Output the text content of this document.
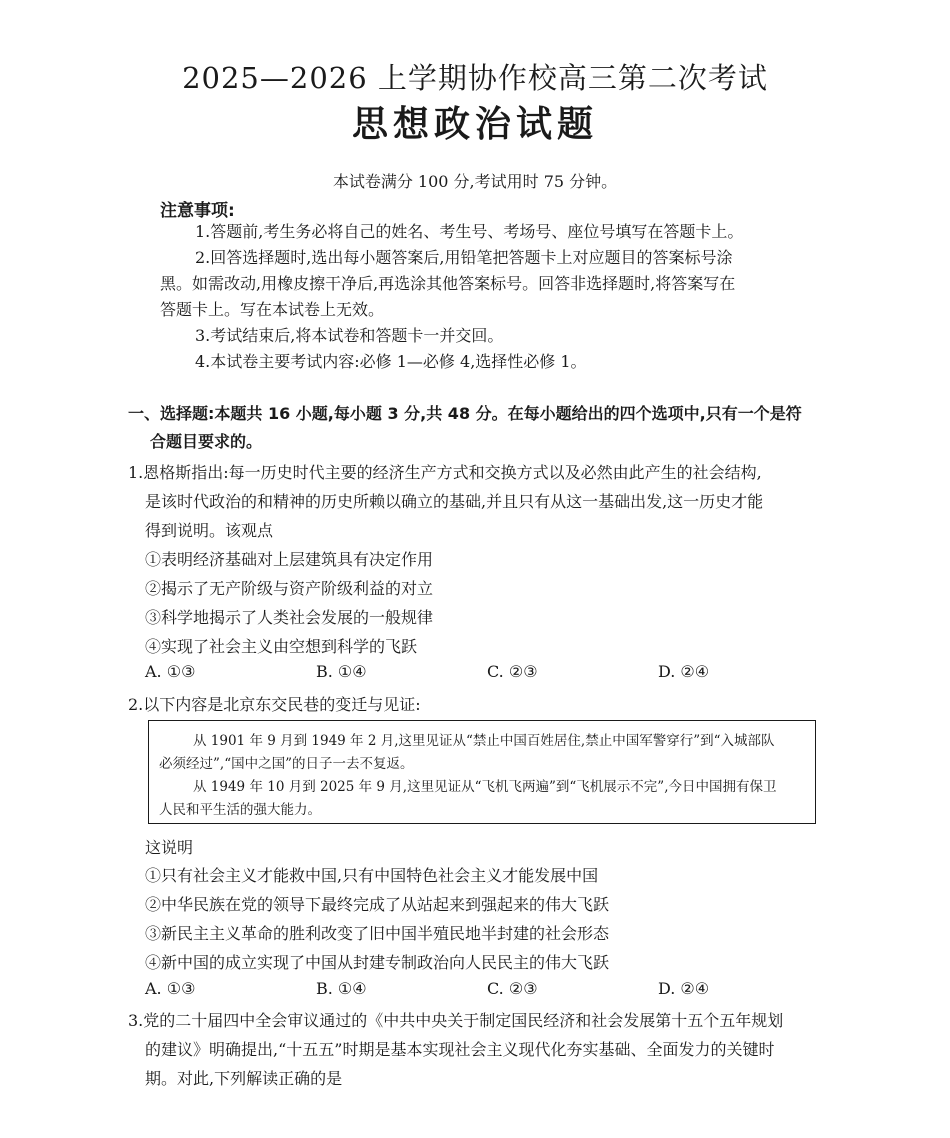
2025—2026 上学期协作校高三第二次考试
思想政治试题
本试卷满分 100 分,考试用时 75 分钟。
注意事项:
1.答题前,考生务必将自己的姓名、考生号、考场号、座位号填写在答题卡上。
2.回答选择题时,选出每小题答案后,用铅笔把答题卡上对应题目的答案标号涂
黑。如需改动,用橡皮擦干净后,再选涂其他答案标号。回答非选择题时,将答案写在
答题卡上。写在本试卷上无效。
3.考试结束后,将本试卷和答题卡一并交回。
4.本试卷主要考试内容:必修 1—必修 4,选择性必修 1。
一、选择题:本题共 16 小题,每小题 3 分,共 48 分。在每小题给出的四个选项中,只有一个是符
合题目要求的。
1.恩格斯指出:每一历史时代主要的经济生产方式和交换方式以及必然由此产生的社会结构,
是该时代政治的和精神的历史所赖以确立的基础,并且只有从这一基础出发,这一历史才能
得到说明。该观点
①表明经济基础对上层建筑具有决定作用
②揭示了无产阶级与资产阶级利益的对立
③科学地揭示了人类社会发展的一般规律
④实现了社会主义由空想到科学的飞跃
A. ①③	B. ①④	C. ②③	D. ②④
2.以下内容是北京东交民巷的变迁与见证:
从 1901 年 9 月到 1949 年 2 月,这里见证从“禁止中国百姓居住,禁止中国军警穿行”到“入城部队
必须经过”,“国中之国”的日子一去不复返。
从 1949 年 10 月到 2025 年 9 月,这里见证从“飞机飞两遍”到“飞机展示不完”,今日中国拥有保卫
人民和平生活的强大能力。
这说明
①只有社会主义才能救中国,只有中国特色社会主义才能发展中国
②中华民族在党的领导下最终完成了从站起来到强起来的伟大飞跃
③新民主主义革命的胜利改变了旧中国半殖民地半封建的社会形态
④新中国的成立实现了中国从封建专制政治向人民民主的伟大飞跃
A. ①③	B. ①④	C. ②③	D. ②④
3.党的二十届四中全会审议通过的《中共中央关于制定国民经济和社会发展第十五个五年规划
的建议》明确提出,“十五五”时期是基本实现社会主义现代化夯实基础、全面发力的关键时
期。对此,下列解读正确的是
